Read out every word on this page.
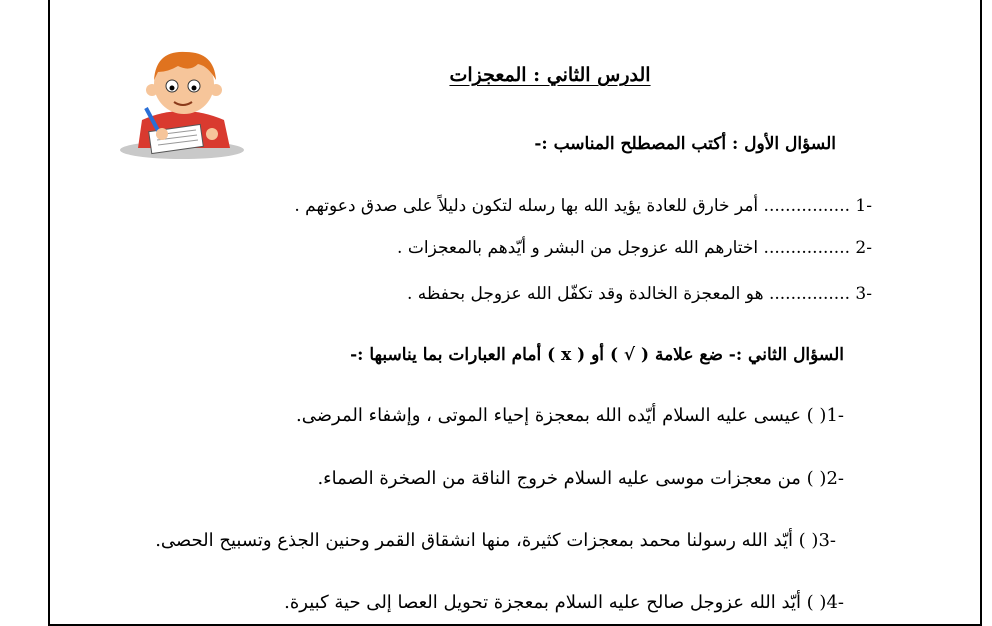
الدرس الثاني : المعجزات
السؤال الأول : أكتب المصطلح المناسب :-
-1 ................ أمر خارق للعادة يؤيد الله بها رسله لتكون دليلاً على صدق دعوتهم .
-2 ................ اختارهم الله عزوجل من البشر و أيّدهم بالمعجزات .
-3 ............... هو المعجزة الخالدة وقد تكفّل الله عزوجل بحفظه .
السؤال الثاني :- ضع علامة ( √ ) أو ( x ) أمام العبارات بما يناسبها :-
-1( ) عيسى عليه السلام أيّده الله بمعجزة إحياء الموتى ، وإشفاء المرضى.
-2( ) من معجزات موسى عليه السلام خروج الناقة من الصخرة الصماء.
-3( ) أيّد الله رسولنا محمد بمعجزات كثيرة، منها انشقاق القمر وحنين الجذع وتسبيح الحصى.
-4( ) أيّد الله عزوجل صالح عليه السلام بمعجزة تحويل العصا إلى حية كبيرة.
